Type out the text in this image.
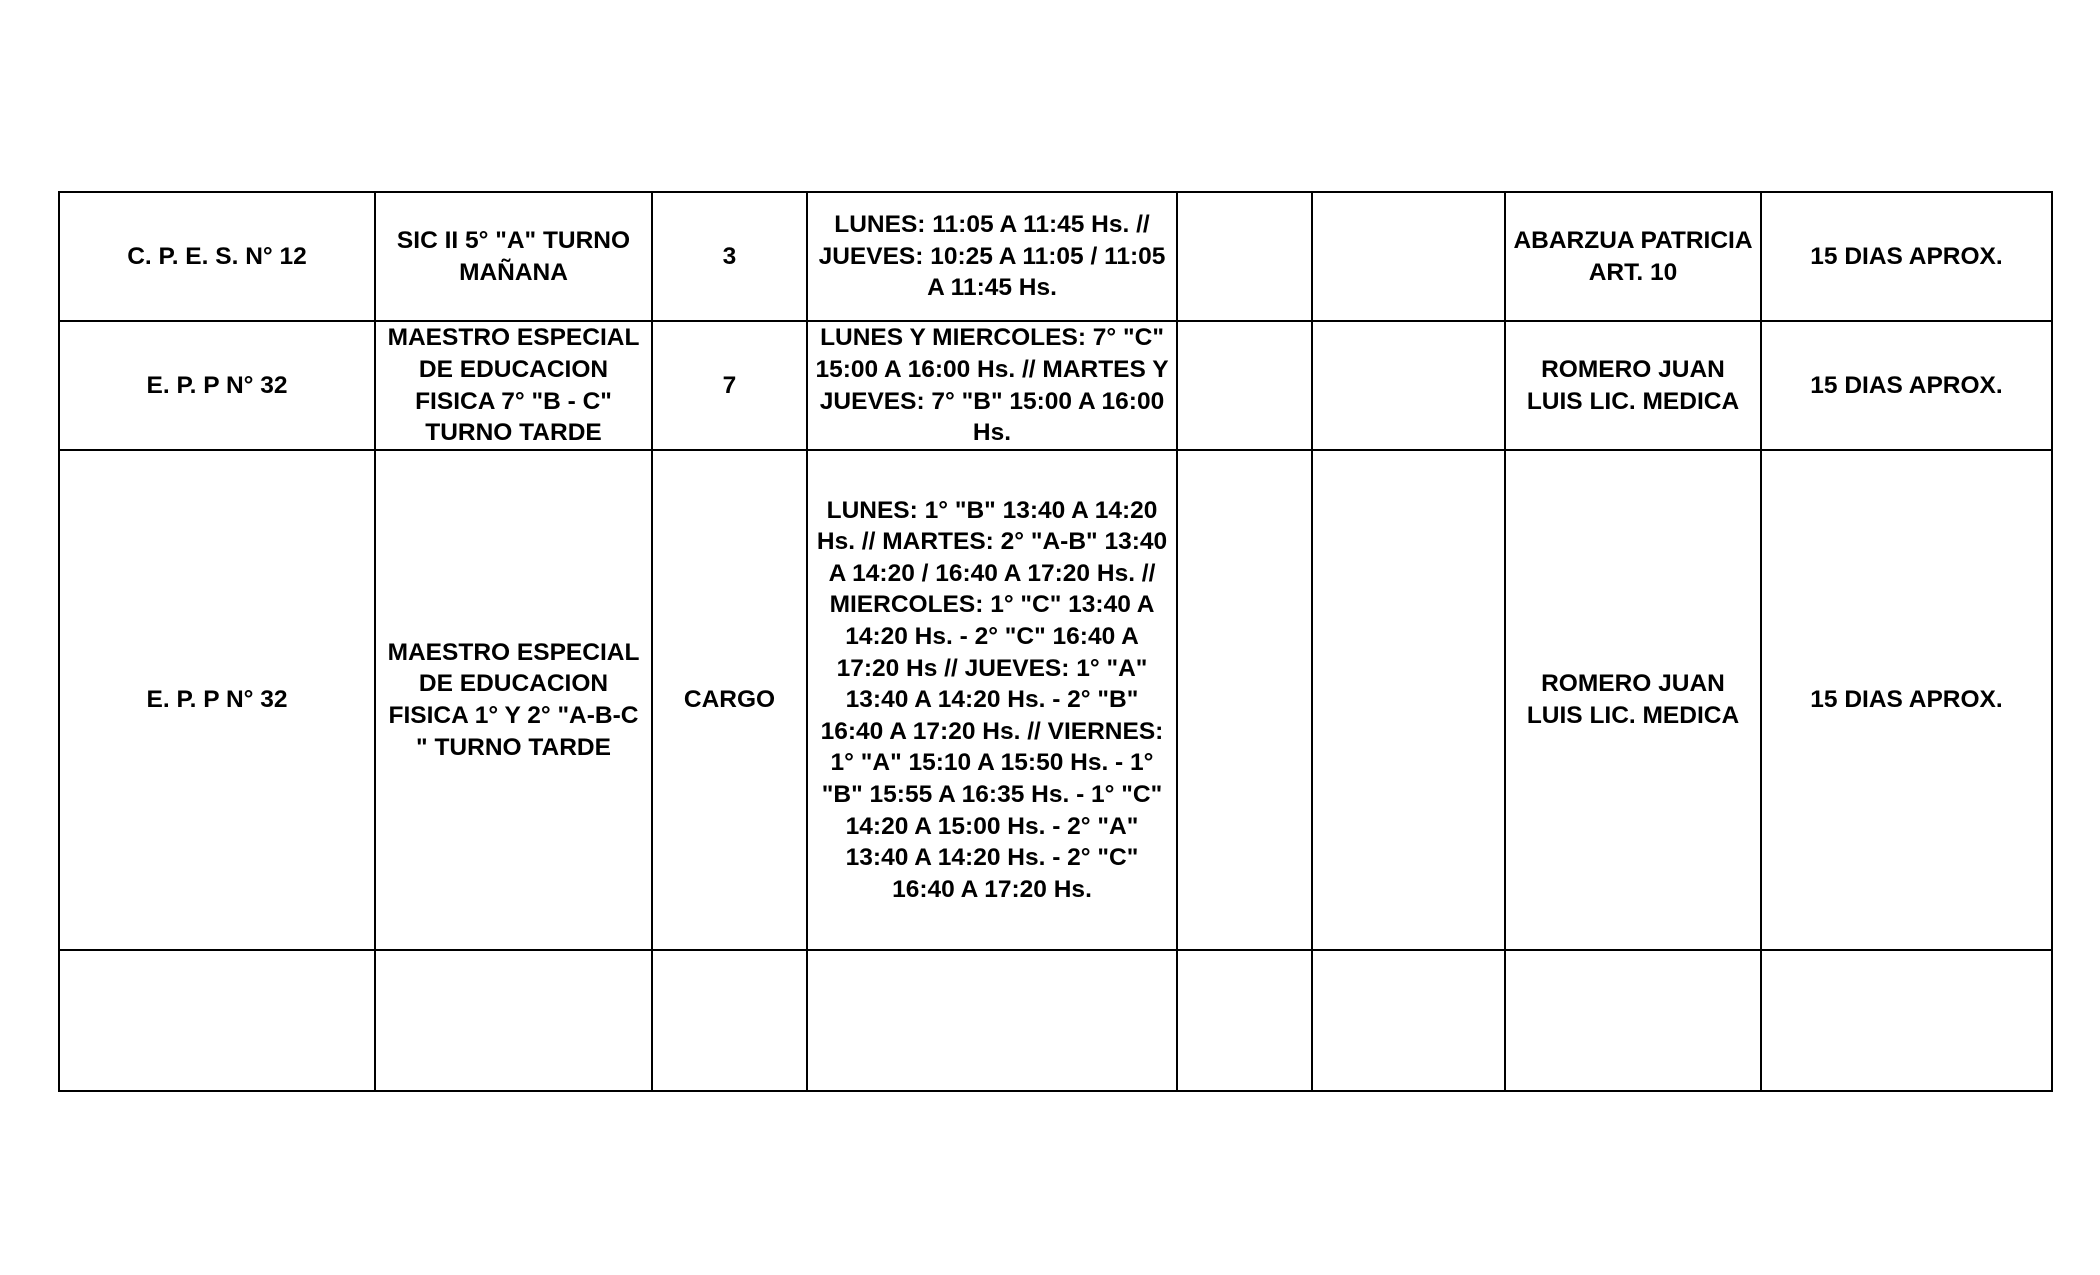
C. P. E. S. N° 12	SIC II 5° "A" TURNO MAÑANA	3	LUNES: 11:05 A 11:45 Hs. // JUEVES: 10:25 A 11:05 / 11:05 A 11:45 Hs.			ABARZUA PATRICIA ART. 10	15 DIAS APROX.
E. P. P N° 32	MAESTRO ESPECIAL DE EDUCACION FISICA 7° "B - C" TURNO TARDE	7	LUNES Y MIERCOLES: 7° "C" 15:00 A 16:00 Hs. // MARTES Y JUEVES: 7° "B" 15:00 A 16:00 Hs.			ROMERO JUAN LUIS LIC. MEDICA	15 DIAS APROX.
E. P. P N° 32	MAESTRO ESPECIAL DE EDUCACION FISICA 1° Y 2° "A-B-C " TURNO TARDE	CARGO	LUNES: 1° "B" 13:40 A 14:20 Hs. // MARTES: 2° "A-B" 13:40 A 14:20 / 16:40 A 17:20 Hs. // MIERCOLES: 1° "C" 13:40 A 14:20 Hs. - 2° "C" 16:40 A 17:20 Hs // JUEVES: 1° "A" 13:40 A 14:20 Hs. - 2° "B" 16:40 A 17:20 Hs. // VIERNES: 1° "A" 15:10 A 15:50 Hs. - 1° "B" 15:55 A 16:35 Hs. - 1° "C" 14:20 A 15:00 Hs. - 2° "A" 13:40 A 14:20 Hs. - 2° "C" 16:40 A 17:20 Hs.			ROMERO JUAN LUIS LIC. MEDICA	15 DIAS APROX.
